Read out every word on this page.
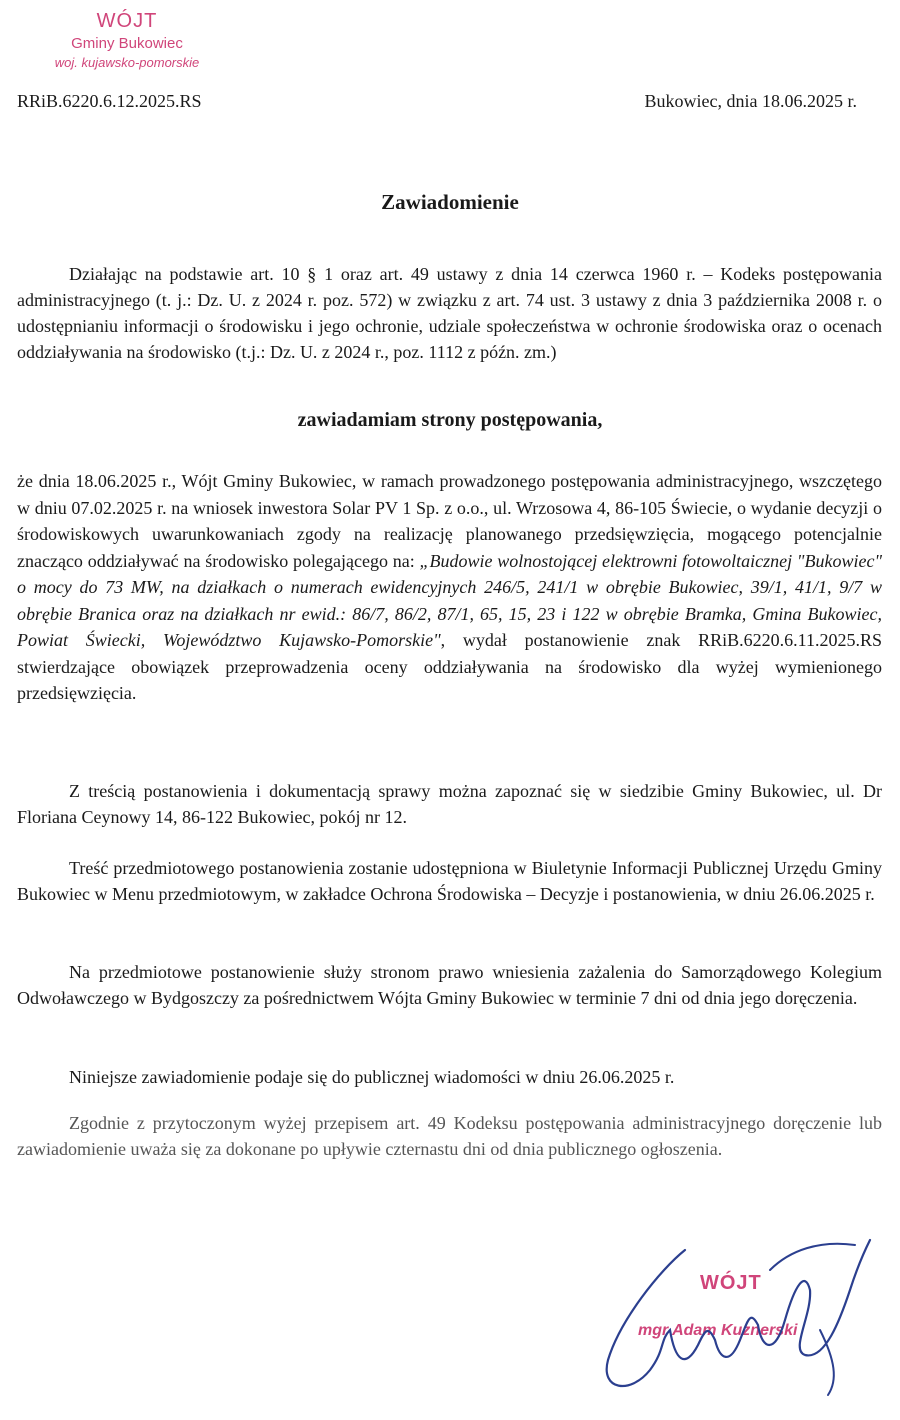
WÓJT
Gminy Bukowiec
woj. kujawsko-pomorskie
RRiB.6220.6.12.2025.RS	Bukowiec, dnia 18.06.2025 r.
Zawiadomienie

Działając na podstawie art. 10 § 1 oraz art. 49 ustawy z dnia 14 czerwca 1960 r. – Kodeks postępowania administracyjnego (t. j.: Dz. U. z 2024 r. poz. 572) w związku z art. 74 ust. 3 ustawy z dnia 3 października 2008 r. o udostępnianiu informacji o środowisku i jego ochronie, udziale społeczeństwa w ochronie środowiska oraz o ocenach oddziaływania na środowisko (t.j.: Dz. U. z 2024 r., poz. 1112 z późn. zm.)

zawiadamiam strony postępowania,

że dnia 18.06.2025 r., Wójt Gminy Bukowiec, w ramach prowadzonego postępowania administracyjnego, wszczętego w dniu 07.02.2025 r. na wniosek inwestora Solar PV 1 Sp. z o.o., ul. Wrzosowa 4, 86-105 Świecie, o wydanie decyzji o środowiskowych uwarunkowaniach zgody na realizację planowanego przedsięwzięcia, mogącego potencjalnie znacząco oddziaływać na środowisko polegającego na: „Budowie wolnostojącej elektrowni fotowoltaicznej "Bukowiec" o mocy do 73 MW, na działkach o numerach ewidencyjnych 246/5, 241/1 w obrębie Bukowiec, 39/1, 41/1, 9/7 w obrębie Branica oraz na działkach nr ewid.: 86/7, 86/2, 87/1, 65, 15, 23 i 122 w obrębie Bramka, Gmina Bukowiec, Powiat Świecki, Województwo Kujawsko-Pomorskie", wydał postanowienie znak RRiB.6220.6.11.2025.RS stwierdzające obowiązek przeprowadzenia oceny oddziaływania na środowisko dla wyżej wymienionego przedsięwzięcia.

Z treścią postanowienia i dokumentacją sprawy można zapoznać się w siedzibie Gminy Bukowiec, ul. Dr Floriana Ceynowy 14, 86-122 Bukowiec, pokój nr 12.

Treść przedmiotowego postanowienia zostanie udostępniona w Biuletynie Informacji Publicznej Urzędu Gminy Bukowiec w Menu przedmiotowym, w zakładce Ochrona Środowiska – Decyzje i postanowienia, w dniu 26.06.2025 r.

Na przedmiotowe postanowienie służy stronom prawo wniesienia zażalenia do Samorządowego Kolegium Odwoławczego w Bydgoszczy za pośrednictwem Wójta Gminy Bukowiec w terminie 7 dni od dnia jego doręczenia.

Niniejsze zawiadomienie podaje się do publicznej wiadomości w dniu 26.06.2025 r.

Zgodnie z przytoczonym wyżej przepisem art. 49 Kodeksu postępowania administracyjnego doręczenie lub zawiadomienie uważa się za dokonane po upływie czternastu dni od dnia publicznego ogłoszenia.

WÓJT
mgr Adam Kuznerski
